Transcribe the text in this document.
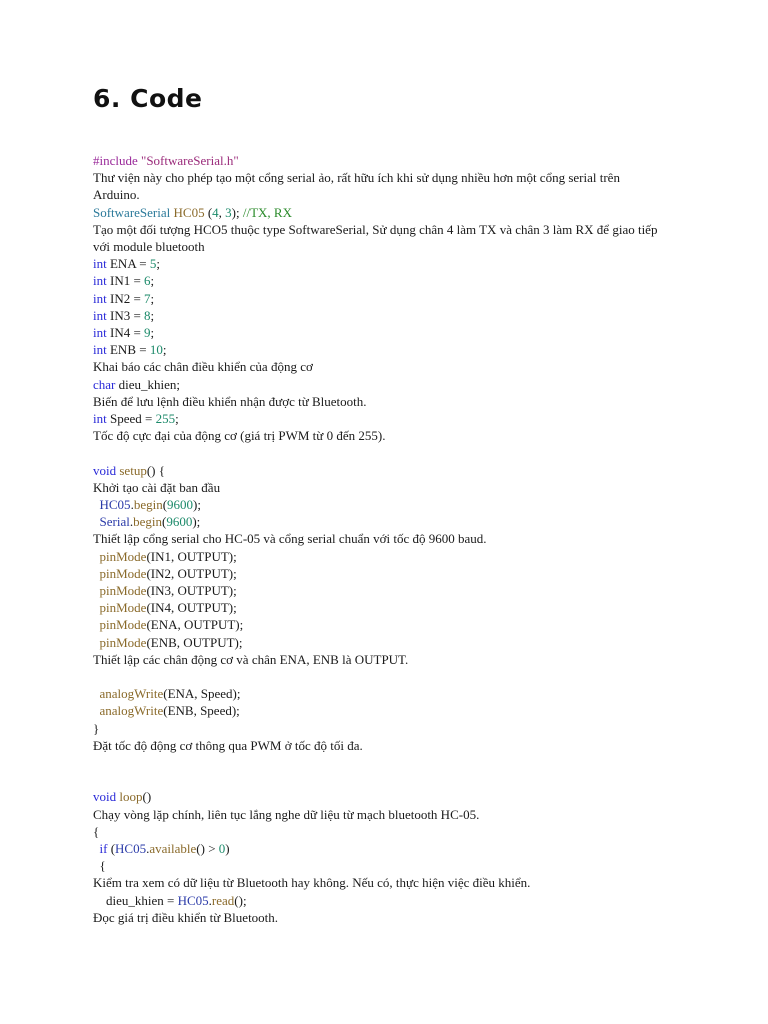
6. Code
#include "SoftwareSerial.h"
Thư viện này cho phép tạo một cổng serial ảo, rất hữu ích khi sử dụng nhiều hơn một cổng serial trên Arduino.
SoftwareSerial HC05 (4, 3); //TX, RX
Tạo một đối tượng HCO5 thuộc type SoftwareSerial, Sử dụng chân 4 làm TX và chân 3 làm RX để giao tiếp với module bluetooth
int ENA = 5;
int IN1 = 6;
int IN2 = 7;
int IN3 = 8;
int IN4 = 9;
int ENB = 10;
Khai báo các chân điều khiển của động cơ
char dieu_khien;
Biến để lưu lệnh điều khiển nhận được từ Bluetooth.
int Speed = 255;
Tốc độ cực đại của động cơ (giá trị PWM từ 0 đến 255).
void setup() {
Khởi tạo cài đặt ban đầu
HC05.begin(9600);
Serial.begin(9600);
Thiết lập cổng serial cho HC-05 và cổng serial chuẩn với tốc độ 9600 baud.
pinMode(IN1, OUTPUT);
pinMode(IN2, OUTPUT);
pinMode(IN3, OUTPUT);
pinMode(IN4, OUTPUT);
pinMode(ENA, OUTPUT);
pinMode(ENB, OUTPUT);
Thiết lập các chân động cơ và chân ENA, ENB là OUTPUT.
analogWrite(ENA, Speed);
analogWrite(ENB, Speed);
}
Đặt tốc độ động cơ thông qua PWM ở tốc độ tối đa.
void loop()
Chạy vòng lặp chính, liên tục lắng nghe dữ liệu từ mạch bluetooth HC-05.
{
if (HC05.available() > 0)
{
Kiểm tra xem có dữ liệu từ Bluetooth hay không. Nếu có, thực hiện việc điều khiển.
dieu_khien = HC05.read();
Đọc giá trị điều khiển từ Bluetooth.
